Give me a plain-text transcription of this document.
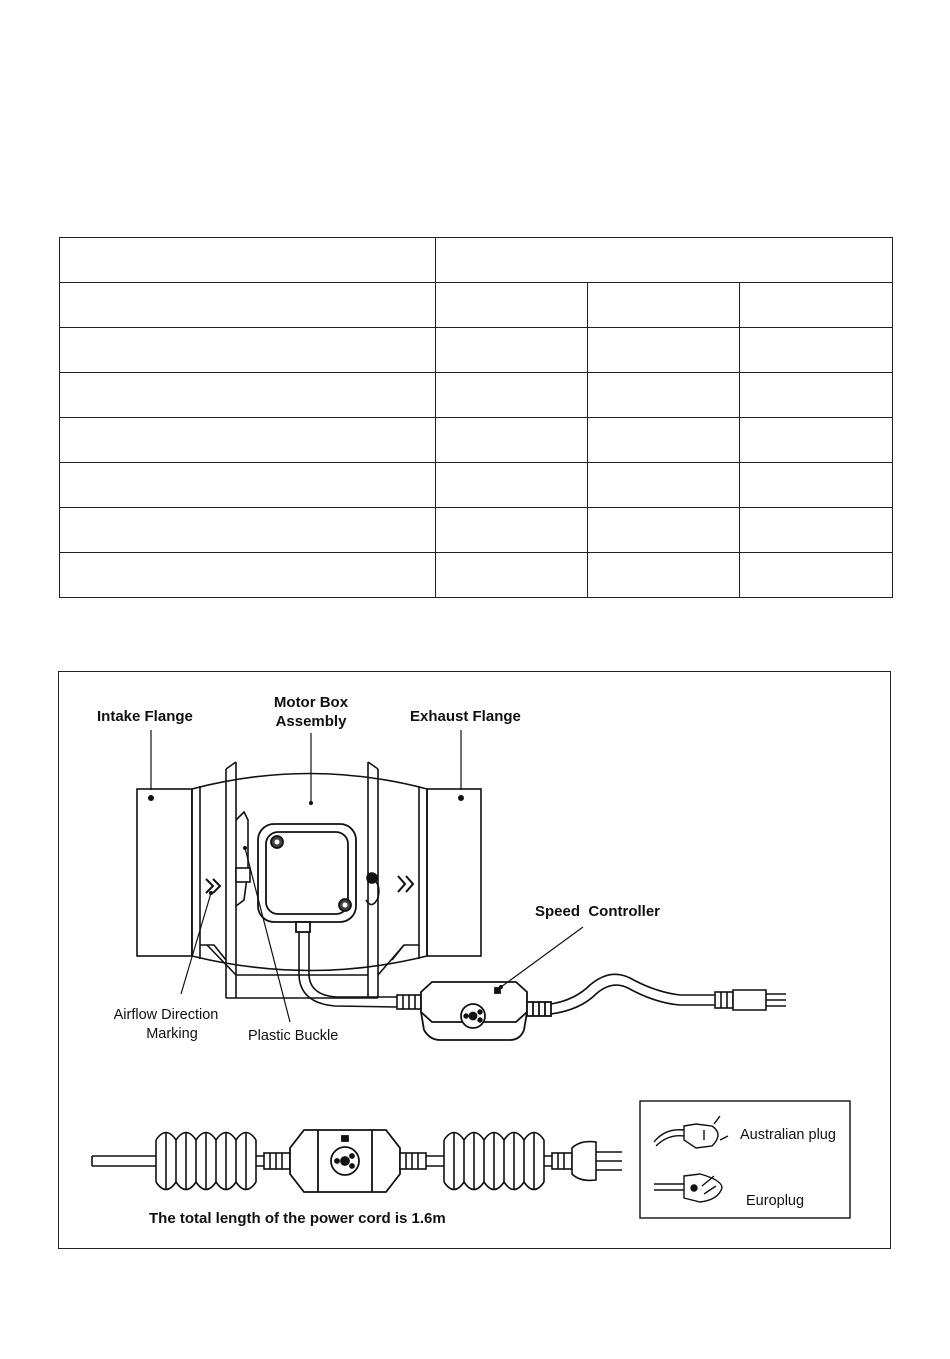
Intake Flange
Motor Box
Assembly	Exhaust Flange
Speed  Controller
Airflow Direction
Marking	Plastic Buckle
The total length of the power cord is 1.6m
Australian plug
Europlug
